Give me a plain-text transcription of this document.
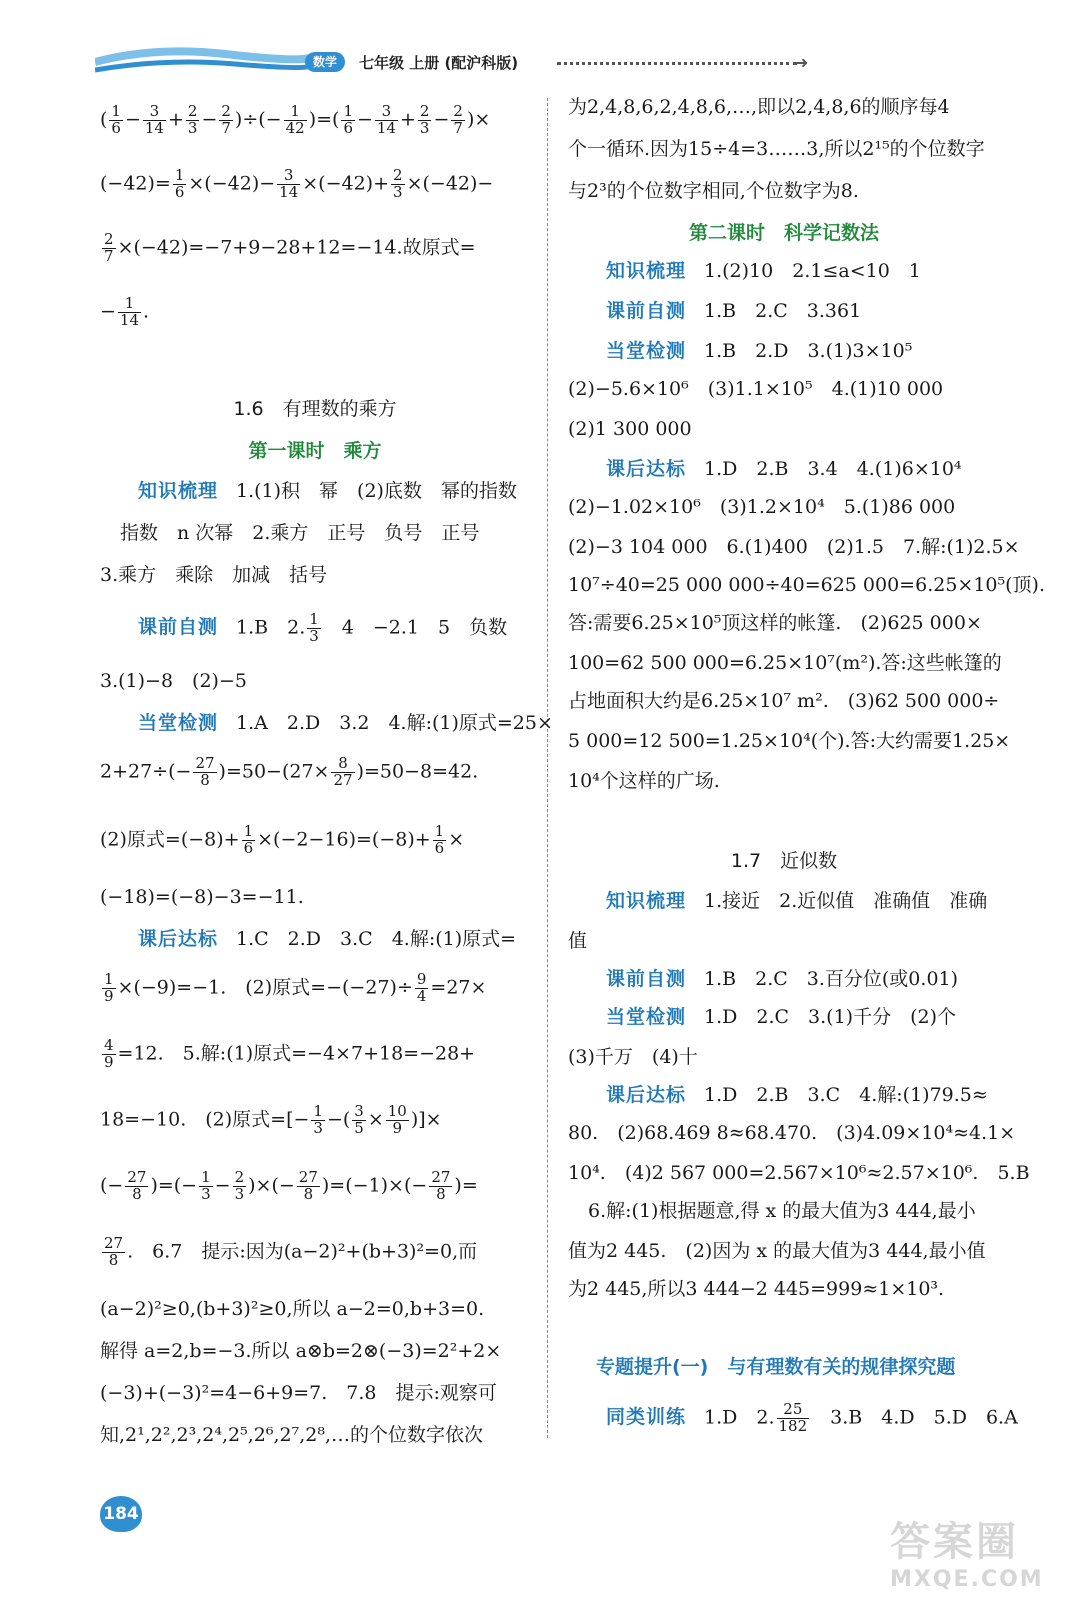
数学	七年级 上册 (配沪科版)	➜
( $\frac{1}{6} - \frac{3}{14} + \frac{2}{3} - \frac{2}{7}$ )÷(− $\frac{1}{42}$ )=( $\frac{1}{6} - \frac{3}{14} + \frac{2}{3} - \frac{2}{7}$ )×
$(-42)= \frac{1}{6} \times(-42)- \frac{3}{14} \times(-42)+ \frac{2}{3} \times(-42)-$
$\frac{2}{7} \times(-42)=-7+9-28+12=-14$.故原式=
− $\frac{1}{14}$ .
1.6　有理数的乘方
第一课时　乘方
知识梳理 1.(1)积　幂　(2)底数　幂的指数
指数　n 次幂　2.乘方　正号　负号　正号
3.乘方　乘除　加减　括号
课前自测 1.B　2. $\frac{1}{3}$ 　4　−2.1　5　负数
3.(1)−8　(2)−5
当堂检测 1.A　2.D　3.2　4.解:(1)原式=25×
$2+27\div(- \frac{27}{8} )=50-(27\times \frac{8}{27} )=50-8=42$.
(2)原式$=(-8)+ \frac{1}{6} \times(-2-16)=(-8)+ \frac{1}{6}$ ×
(−18)=(−8)−3=−11.
课后达标 1.C　2.D　3.C　4.解:(1)原式=
$\frac{1}{9} \times(-9)=-1$.　(2)原式$=-(-27)\div \frac{9}{4} =27\times$
$\frac{4}{9} =12$.　5.解:(1)原式=−4×7+18=−28+
18=−10.　(2)原式=[− $\frac{1}{3}$ −( $\frac{3}{5} \times \frac{10}{9}$ )]×
(− $\frac{27}{8}$ )=(− $\frac{1}{3} - \frac{2}{3}$ )×(− $\frac{27}{8} )=(-1)\times(- \frac{27}{8}$ )=
$\frac{27}{8}$ .　6.7　提示:因为(a−2)²+(b+3)²=0,而
(a−2)²≥0,(b+3)²≥0,所以 a−2=0,b+3=0.
解得 a=2,b=−3.所以 a⊗b=2⊗(−3)=2²+2×
(−3)+(−3)²=4−6+9=7.　7.8　提示:观察可
知,2¹,2²,2³,2⁴,2⁵,2⁶,2⁷,2⁸,…的个位数字依次
为2,4,8,6,2,4,8,6,…,即以2,4,8,6的顺序每4
个一循环.因为15÷4=3……3,所以2¹⁵的个位数字
与2³的个位数字相同,个位数字为8.
第二课时　科学记数法
知识梳理 1.(2)10　2.1≤a<10　1
课前自测 1.B　2.C　3.361
当堂检测 1.B　2.D　3.(1)3×10⁵
(2)−5.6×10⁶　(3)1.1×10⁵　4.(1)10 000
(2)1 300 000
课后达标 1.D　2.B　3.4　4.(1)6×10⁴
(2)−1.02×10⁶　(3)1.2×10⁴　5.(1)86 000
(2)−3 104 000　6.(1)400　(2)1.5　7.解:(1)2.5×
10⁷÷40=25 000 000÷40=625 000=6.25×10⁵(顶).
答:需要6.25×10⁵顶这样的帐篷.　(2)625 000×
100=62 500 000=6.25×10⁷(m²).答:这些帐篷的
占地面积大约是6.25×10⁷ m².　(3)62 500 000÷
5 000=12 500=1.25×10⁴(个).答:大约需要1.25×
10⁴个这样的广场.
1.7　近似数
知识梳理 1.接近　2.近似值　准确值　准确
值
课前自测 1.B　2.C　3.百分位(或0.01)
当堂检测 1.D　2.C　3.(1)千分　(2)个
(3)千万　(4)十
课后达标 1.D　2.B　3.C　4.解:(1)79.5≈
80.　(2)68.469 8≈68.470.　(3)4.09×10⁴≈4.1×
10⁴.　(4)2 567 000=2.567×10⁶≈2.57×10⁶.　5.B
6.解:(1)根据题意,得 x 的最大值为3 444,最小
值为2 445.　(2)因为 x 的最大值为3 444,最小值
为2 445,所以3 444−2 445=999≈1×10³.
专题提升(一)　与有理数有关的规律探究题
同类训练 1.D　2. $\frac{25}{182}$ 　3.B　4.D　5.D　6.A
184
答案圈
MXQE.COM
